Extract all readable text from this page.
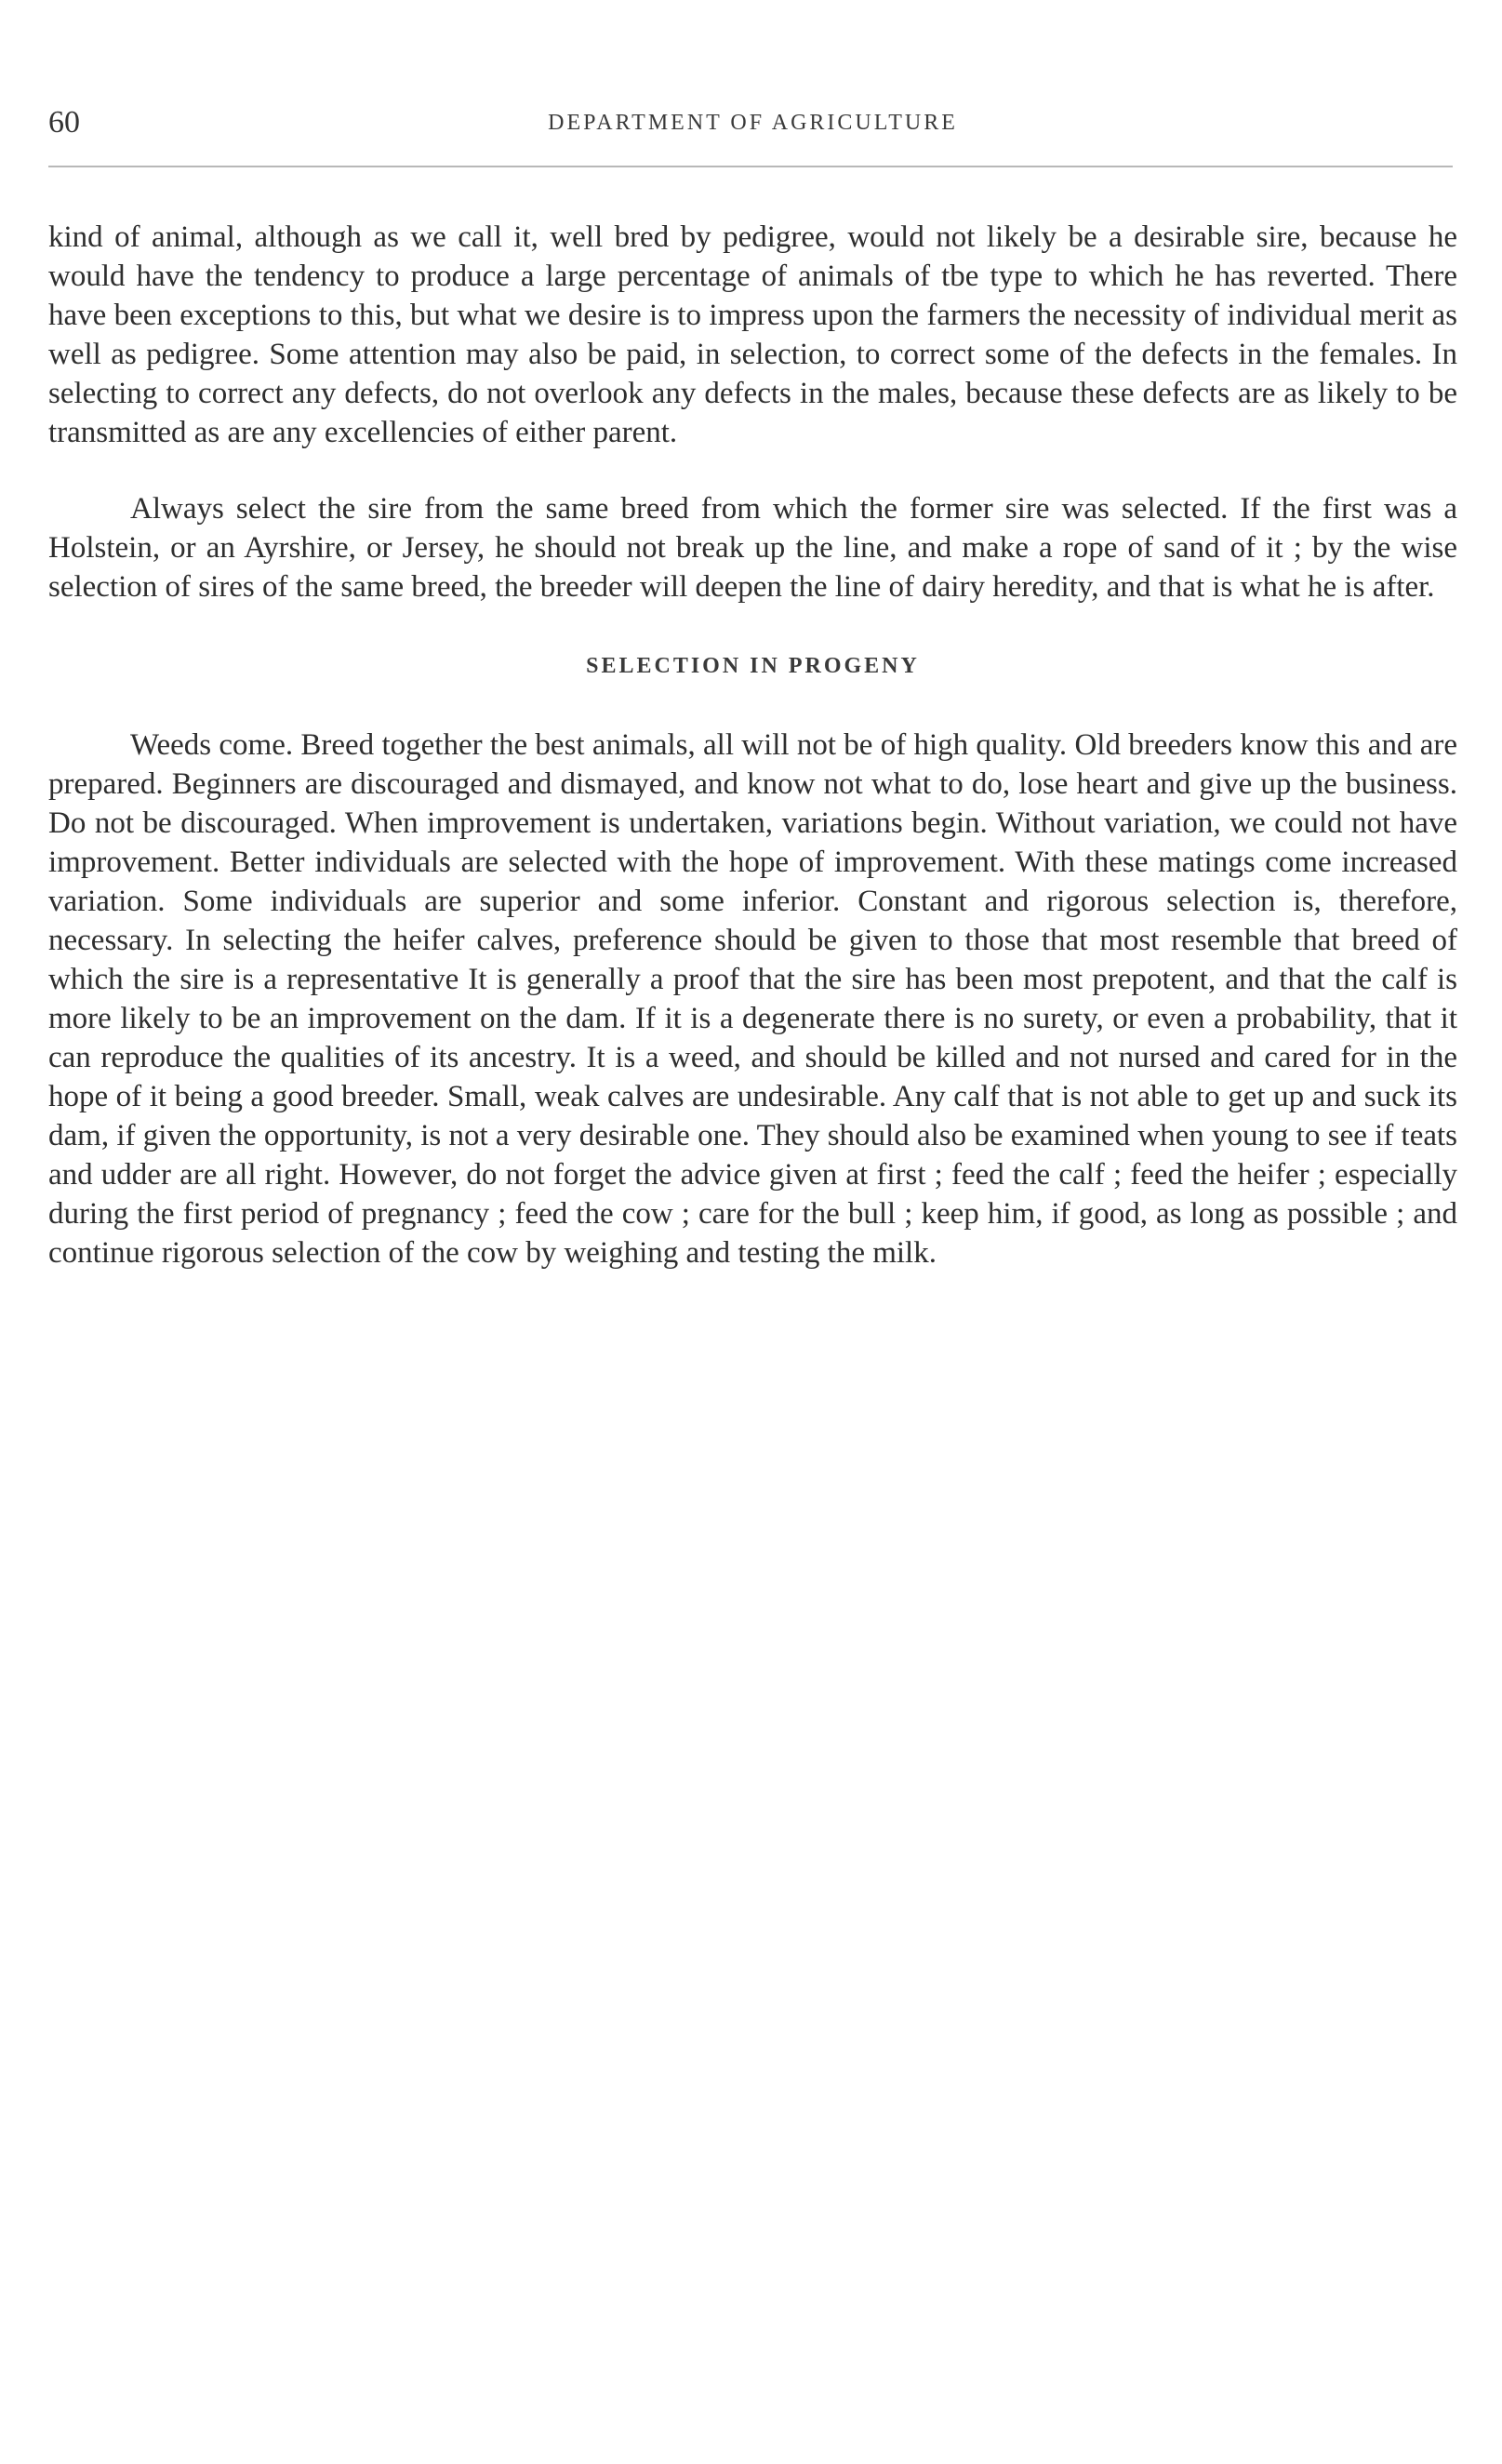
60	DEPARTMENT OF AGRICULTURE

kind of animal, although as we call it, well bred by pedigree, would not likely be a desirable sire, because he would have the tendency to produce a large percentage of animals of tbe type to which he has reverted. There have been exceptions to this, but what we desire is to impress upon the farmers the necessity of individual merit as well as pedigree. Some attention may also be paid, in selection, to correct some of the defects in the females. In selecting to correct any defects, do not overlook any defects in the males, because these defects are as likely to be transmitted as are any excellencies of either parent.

Always select the sire from the same breed from which the former sire was selected. If the first was a Holstein, or an Ayrshire, or Jersey, he should not break up the line, and make a rope of sand of it ; by the wise selection of sires of the same breed, the breeder will deepen the line of dairy heredity, and that is what he is after.

SELECTION IN PROGENY

Weeds come. Breed together the best animals, all will not be of high quality. Old breeders know this and are prepared. Beginners are discouraged and dismayed, and know not what to do, lose heart and give up the business. Do not be discouraged. When improvement is undertaken, variations begin. Without variation, we could not have improvement. Better individuals are selected with the hope of improvement. With these matings come increased variation. Some individuals are superior and some inferior. Constant and rigorous selection is, therefore, necessary. In selecting the heifer calves, preference should be given to those that most resemble that breed of which the sire is a representative It is generally a proof that the sire has been most prepotent, and that the calf is more likely to be an improvement on the dam. If it is a degenerate there is no surety, or even a probability, that it can reproduce the qualities of its ancestry. It is a weed, and should be killed and not nursed and cared for in the hope of it being a good breeder. Small, weak calves are undesirable. Any calf that is not able to get up and suck its dam, if given the opportunity, is not a very desirable one. They should also be examined when young to see if teats and udder are all right. However, do not forget the advice given at first ; feed the calf ; feed the heifer ; especially during the first period of pregnancy ; feed the cow ; care for the bull ; keep him, if good, as long as possible ; and continue rigorous selection of the cow by weighing and testing the milk.
